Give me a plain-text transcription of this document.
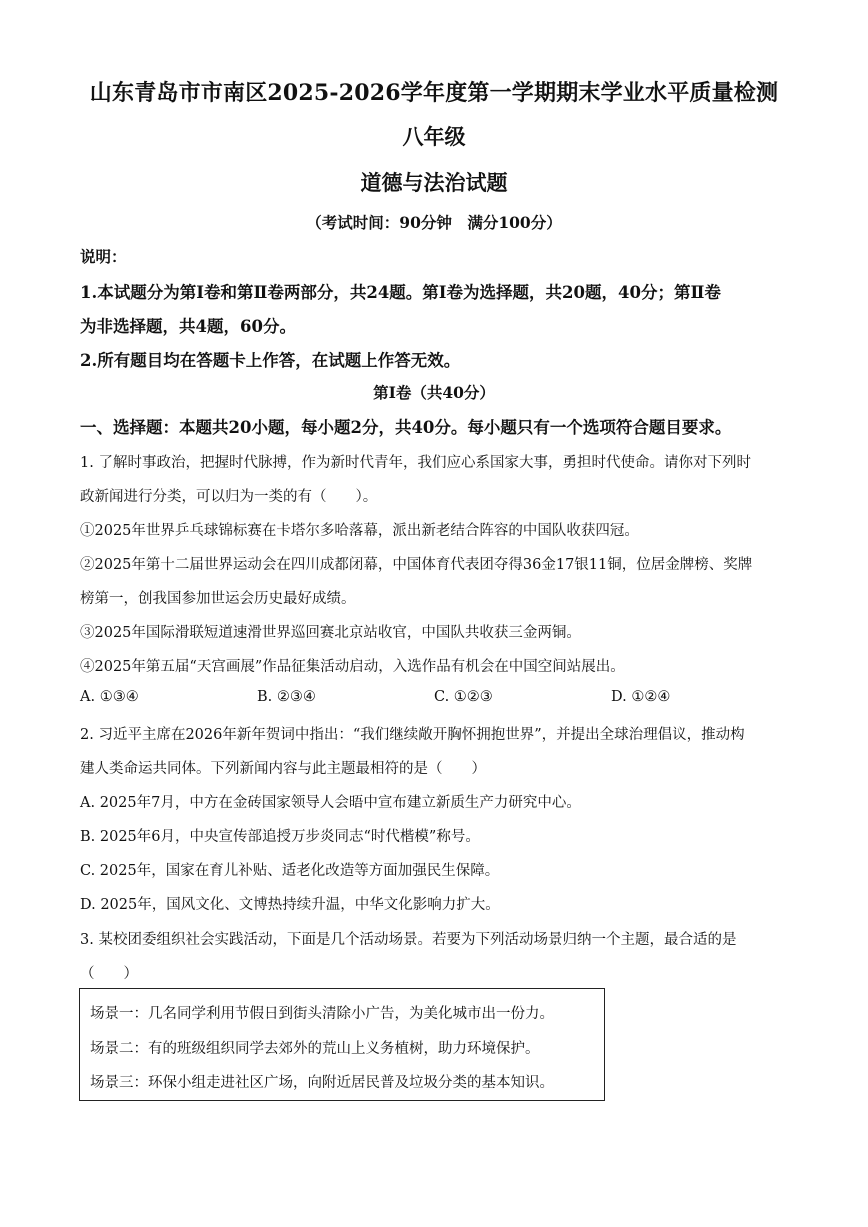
山东青岛市市南区2025-2026学年度第一学期期末学业水平质量检测
八年级
道德与法治试题
（考试时间：90分钟　满分100分）
说明：
1.本试题分为第Ⅰ卷和第Ⅱ卷两部分，共24题。第Ⅰ卷为选择题，共20题，40分；第Ⅱ卷
为非选择题，共4题，60分。
2.所有题目均在答题卡上作答，在试题上作答无效。
第Ⅰ卷（共40分）
一、选择题：本题共20小题，每小题2分，共40分。每小题只有一个选项符合题目要求。
1. 了解时事政治，把握时代脉搏，作为新时代青年，我们应心系国家大事，勇担时代使命。请你对下列时
政新闻进行分类，可以归为一类的有（　　）。
①2025年世界乒乓球锦标赛在卡塔尔多哈落幕，派出新老结合阵容的中国队收获四冠。
②2025年第十二届世界运动会在四川成都闭幕，中国体育代表团夺得36金17银11铜，位居金牌榜、奖牌
榜第一，创我国参加世运会历史最好成绩。
③2025年国际滑联短道速滑世界巡回赛北京站收官，中国队共收获三金两铜。
④2025年第五届“天宫画展”作品征集活动启动，入选作品有机会在中国空间站展出。
A. ①③④	B. ②③④	C. ①②③	D. ①②④
2. 习近平主席在2026年新年贺词中指出：“我们继续敞开胸怀拥抱世界”，并提出全球治理倡议，推动构
建人类命运共同体。下列新闻内容与此主题最相符的是（　　）
A. 2025年7月，中方在金砖国家领导人会晤中宣布建立新质生产力研究中心。
B. 2025年6月，中央宣传部追授万步炎同志“时代楷模”称号。
C. 2025年，国家在育儿补贴、适老化改造等方面加强民生保障。
D. 2025年，国风文化、文博热持续升温，中华文化影响力扩大。
3. 某校团委组织社会实践活动，下面是几个活动场景。若要为下列活动场景归纳一个主题，最合适的是
（　　）
场景一：几名同学利用节假日到街头清除小广告，为美化城市出一份力。
场景二：有的班级组织同学去郊外的荒山上义务植树，助力环境保护。
场景三：环保小组走进社区广场，向附近居民普及垃圾分类的基本知识。
